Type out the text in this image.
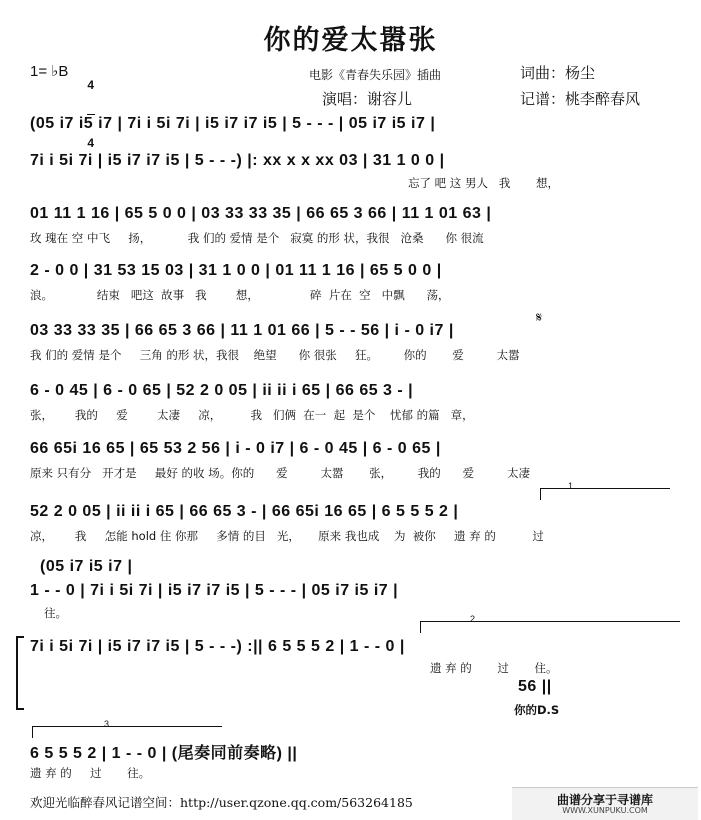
你的爱太嚣张
1= ♭B

4

4

电影《青春失乐园》插曲	词曲：杨尘
演唱：谢容儿	记谱：桃李醉春风
(05 i7 i5 i7 | 7i i 5i 7i | i5 i7 i7 i5 | 5 - - - | 05 i7 i5 i7 |
7i i 5i 7i | i5 i7 i7 i5 | 5 - - -) |: xx x x xx 03 | 31 1 0 0 |
忘了 吧 这 男人   我       想，
01 11 1 16 | 65 5 0 0 | 03 33 33 35 | 66 65 3 66 | 11 1 01 63 |
玫 瑰在 空 中飞     扬，          我 们的 爱情 是个   寂寞 的形 状，我很   沧桑      你 很流
2 - 0 0 | 31 53 15 03 | 31 1 0 0 | 01 11 1 16 | 65 5 0 0 |
浪。            结束   吧这  故事   我        想，              碎  片在  空   中飘      荡，
03 33 33 35 | 66 65 3 66 | 11 1 01 66 | 5 - - 56 | i - 0 i7 |
𝄋
我 们的 爱情 是个     三角 的形 状，我很    绝望      你 很张     狂。       你的       爱         太嚣
6 - 0 45 | 6 - 0 65 | 52 2 0 05 | ii ii i 65 | 66 65 3 - |
张，      我的     爱        太凄     凉，        我   们俩  在一  起  是个    忧郁 的篇   章，
66 65i 16 65 | 65 53 2 56 | i - 0 i7 | 6 - 0 45 | 6 - 0 65 |
原来 只有分   开才是     最好 的收 场。你的      爱         太嚣       张，       我的      爱         太凄
1
52 2 0 05 | ii ii i 65 | 66 65 3 - | 66 65i 16 65 | 6 5 5 5 2 |
凉，      我     怎能 hold 住 你那     多情 的目   光，     原来 我也成    为  被你     遗 弃 的          过
(05 i7 i5 i7 |
1 - - 0 | 7i i 5i 7i | i5 i7 i7 i5 | 5 - - - | 05 i7 i5 i7 |
往。	2
7i i 5i 7i | i5 i7 i7 i5 | 5 - - -) :|| 6 5 5 5 2 | 1 - - 0 |
遗 弃 的       过       住。
56 ||
你的D.S
3
6 5 5 5 2 | 1 - - 0 | (尾奏同前奏略) ||
遗 弃 的     过       往。
欢迎光临醉春风记谱空间：http://user.qzone.qq.com/563264185	曲谱分享于寻谱库
WWW.XUNPUKU.COM
